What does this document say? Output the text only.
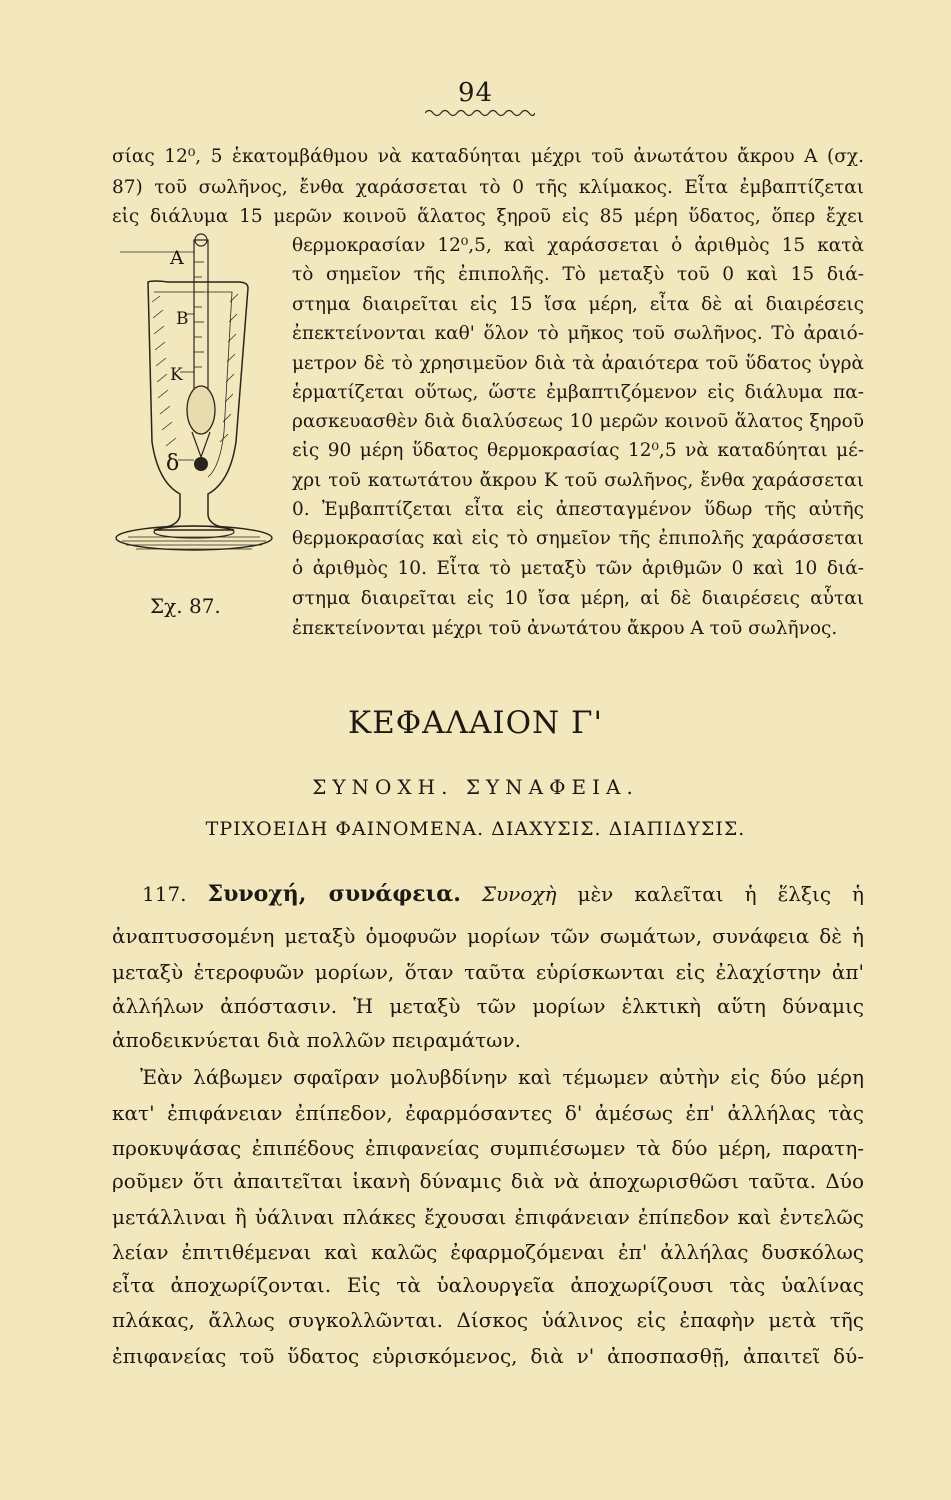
94
σίας 12⁰, 5 ἑκατομβάθμου νὰ καταδύηται μέχρι τοῦ ἀνωτάτου ἄκρου Α (σχ.
87) τοῦ σωλῆνος, ἔνθα χαράσσεται τὸ 0 τῆς κλίμακος. Εἶτα ἐμβαπτίζεται
εἰς διάλυμα 15 μερῶν κοινοῦ ἅλατος ξηροῦ εἰς 85 μέρη ὕδατος, ὅπερ ἔχει
θερμοκρασίαν 12⁰,5, καὶ χαράσσεται ὁ ἀριθμὸς 15 κατὰ
τὸ σημεῖον τῆς ἐπιπολῆς. Τὸ μεταξὺ τοῦ 0 καὶ 15 διά-
στημα διαιρεῖται εἰς 15 ἴσα μέρη, εἶτα δὲ αἱ διαιρέσεις
ἐπεκτείνονται καθ' ὅλον τὸ μῆκος τοῦ σωλῆνος. Τὸ ἀραιό-
μετρον δὲ τὸ χρησιμεῦον διὰ τὰ ἀραιότερα τοῦ ὕδατος ὑγρὰ
ἑρματίζεται οὕτως, ὥστε ἐμβαπτιζόμενον εἰς διάλυμα πα-
ρασκευασθὲν διὰ διαλύσεως 10 μερῶν κοινοῦ ἅλατος ξηροῦ
εἰς 90 μέρη ὕδατος θερμοκρασίας 12⁰,5 νὰ καταδύηται μέ-
χρι τοῦ κατωτάτου ἄκρου Κ τοῦ σωλῆνος, ἔνθα χαράσσεται
0. Ἐμβαπτίζεται εἶτα εἰς ἀπεσταγμένον ὕδωρ τῆς αὐτῆς
θερμοκρασίας καὶ εἰς τὸ σημεῖον τῆς ἐπιπολῆς χαράσσεται
ὁ ἀριθμὸς 10. Εἶτα τὸ μεταξὺ τῶν ἀριθμῶν 0 καὶ 10 διά-
στημα διαιρεῖται εἰς 10 ἴσα μέρη, αἱ δὲ διαιρέσεις αὗται
ἐπεκτείνονται μέχρι τοῦ ἀνωτάτου ἄκρου Α τοῦ σωλῆνος.
Α
Β
Κ
δ
Σχ. 87.
ΚΕΦΑΛΑΙΟΝ Γ'
ΣΥΝΟΧΗ. ΣΥΝΑΦΕΙΑ.
ΤΡΙΧΟΕΙΔΗ ΦΑΙΝΟΜΕΝΑ. ΔΙΑΧΥΣΙΣ. ΔΙΑΠΙΔΥΣΙΣ.
117. Συνοχή, συνάφεια. Συνοχὴ μὲν καλεῖται ἡ ἕλξις ἡ
ἀναπτυσσομένη μεταξὺ ὁμοφυῶν μορίων τῶν σωμάτων, συνάφεια δὲ ἡ
μεταξὺ ἑτεροφυῶν μορίων, ὅταν ταῦτα εὑρίσκωνται εἰς ἐλαχίστην ἀπ'
ἀλλήλων ἀπόστασιν. Ἡ μεταξὺ τῶν μορίων ἑλκτικὴ αὕτη δύναμις
ἀποδεικνύεται διὰ πολλῶν πειραμάτων.
Ἐὰν λάβωμεν σφαῖραν μολυβδίνην καὶ τέμωμεν αὐτὴν εἰς δύο μέρη
κατ' ἐπιφάνειαν ἐπίπεδον, ἐφαρμόσαντες δ' ἀμέσως ἐπ' ἀλλήλας τὰς
προκυψάσας ἐπιπέδους ἐπιφανείας συμπιέσωμεν τὰ δύο μέρη, παρατη-
ροῦμεν ὅτι ἀπαιτεῖται ἱκανὴ δύναμις διὰ νὰ ἀποχωρισθῶσι ταῦτα. Δύο
μετάλλιναι ἢ ὑάλιναι πλάκες ἔχουσαι ἐπιφάνειαν ἐπίπεδον καὶ ἐντελῶς
λείαν ἐπιτιθέμεναι καὶ καλῶς ἐφαρμοζόμεναι ἐπ' ἀλλήλας δυσκόλως
εἶτα ἀποχωρίζονται. Εἰς τὰ ὑαλουργεῖα ἀποχωρίζουσι τὰς ὑαλίνας
πλάκας, ἄλλως συγκολλῶνται. Δίσκος ὑάλινος εἰς ἐπαφὴν μετὰ τῆς
ἐπιφανείας τοῦ ὕδατος εὑρισκόμενος, διὰ ν' ἀποσπασθῇ, ἀπαιτεῖ δύ-
